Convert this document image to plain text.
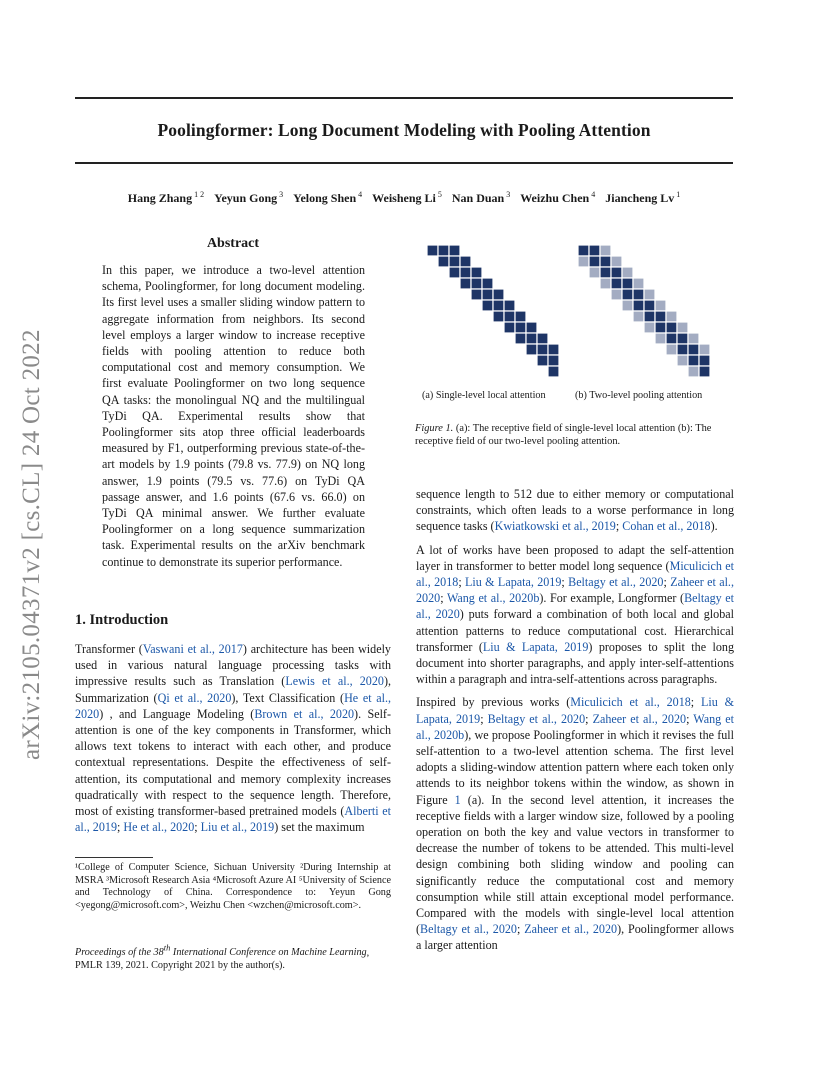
Poolingformer: Long Document Modeling with Pooling Attention
Hang Zhang $^{1 2}$ Yeyun Gong $^3$ Yelong Shen $^4$ Weisheng Li $^5$ Nan Duan $^3$ Weizhu Chen $^4$ Jiancheng Lv $^1$
arXiv:2105.04371v2 [cs.CL] 24 Oct 2022
Abstract

In this paper, we introduce a two-level attention schema, Poolingformer, for long document modeling. Its first level uses a smaller sliding window pattern to aggregate information from neighbors. Its second level employs a larger window to increase receptive fields with pooling attention to reduce both computational cost and memory consumption. We first evaluate Poolingformer on two long sequence QA tasks: the monolingual NQ and the multilingual TyDi QA. Experimental results show that Poolingformer sits atop three official leaderboards measured by F1, outperforming previous state-of-the-art models by 1.9 points (79.8 vs. 77.9) on NQ long answer, 1.9 points (79.5 vs. 77.6) on TyDi QA passage answer, and 1.6 points (67.6 vs. 66.0) on TyDi QA minimal answer. We further evaluate Poolingformer on a long sequence summarization task. Experimental results on the arXiv benchmark continue to demonstrate its superior performance.

1. Introduction

Transformer (Vaswani et al., 2017) architecture has been widely used in various natural language processing tasks with impressive results such as Translation (Lewis et al., 2020), Summarization (Qi et al., 2020), Text Classification (He et al., 2020) , and Language Modeling (Brown et al., 2020). Self-attention is one of the key components in Transformer, which allows text tokens to interact with each other, and produce contextual representations. Despite the effectiveness of self-attention, its computational and memory complexity increases quadratically with respect to the sequence length. Therefore, most of existing transformer-based pretrained models (Alberti et al., 2019; He et al., 2020; Liu et al., 2019) set the maximum

¹College of Computer Science, Sichuan University ²During Internship at MSRA ³Microsoft Research Asia ⁴Microsoft Azure AI ⁵University of Science and Technology of China. Correspondence to: Yeyun Gong <yegong@microsoft.com>, Weizhu Chen <wzchen@microsoft.com>.
Proceedings of the 38th International Conference on Machine Learning, PMLR 139, 2021. Copyright 2021 by the author(s).
(a) Single-level local attention	(b) Two-level pooling attention
Figure 1. (a): The receptive field of single-level local attention (b): The receptive field of our two-level pooling attention.

sequence length to 512 due to either memory or computational constraints, which often leads to a worse performance in long sequence tasks (Kwiatkowski et al., 2019; Cohan et al., 2018).

A lot of works have been proposed to adapt the self-attention layer in transformer to better model long sequence (Miculicich et al., 2018; Liu & Lapata, 2019; Beltagy et al., 2020; Zaheer et al., 2020; Wang et al., 2020b). For example, Longformer (Beltagy et al., 2020) puts forward a combination of both local and global attention patterns to reduce computational cost. Hierarchical transformer (Liu & Lapata, 2019) proposes to split the long document into shorter paragraphs, and apply inter-self-attentions within a paragraph and intra-self-attentions across paragraphs.

Inspired by previous works (Miculicich et al., 2018; Liu & Lapata, 2019; Beltagy et al., 2020; Zaheer et al., 2020; Wang et al., 2020b), we propose Poolingformer in which it revises the full self-attention to a two-level attention schema. The first level adopts a sliding-window attention pattern where each token only attends to its neighbor tokens within the window, as shown in Figure 1 (a). In the second level attention, it increases the receptive fields with a larger window size, followed by a pooling operation on both the key and value vectors in transformer to decrease the number of tokens to be attended. This multi-level design combining both sliding window and pooling can significantly reduce the computational cost and memory consumption while still attain exceptional model performance. Compared with the models with single-level local attention (Beltagy et al., 2020; Zaheer et al., 2020), Poolingformer allows a larger attention
